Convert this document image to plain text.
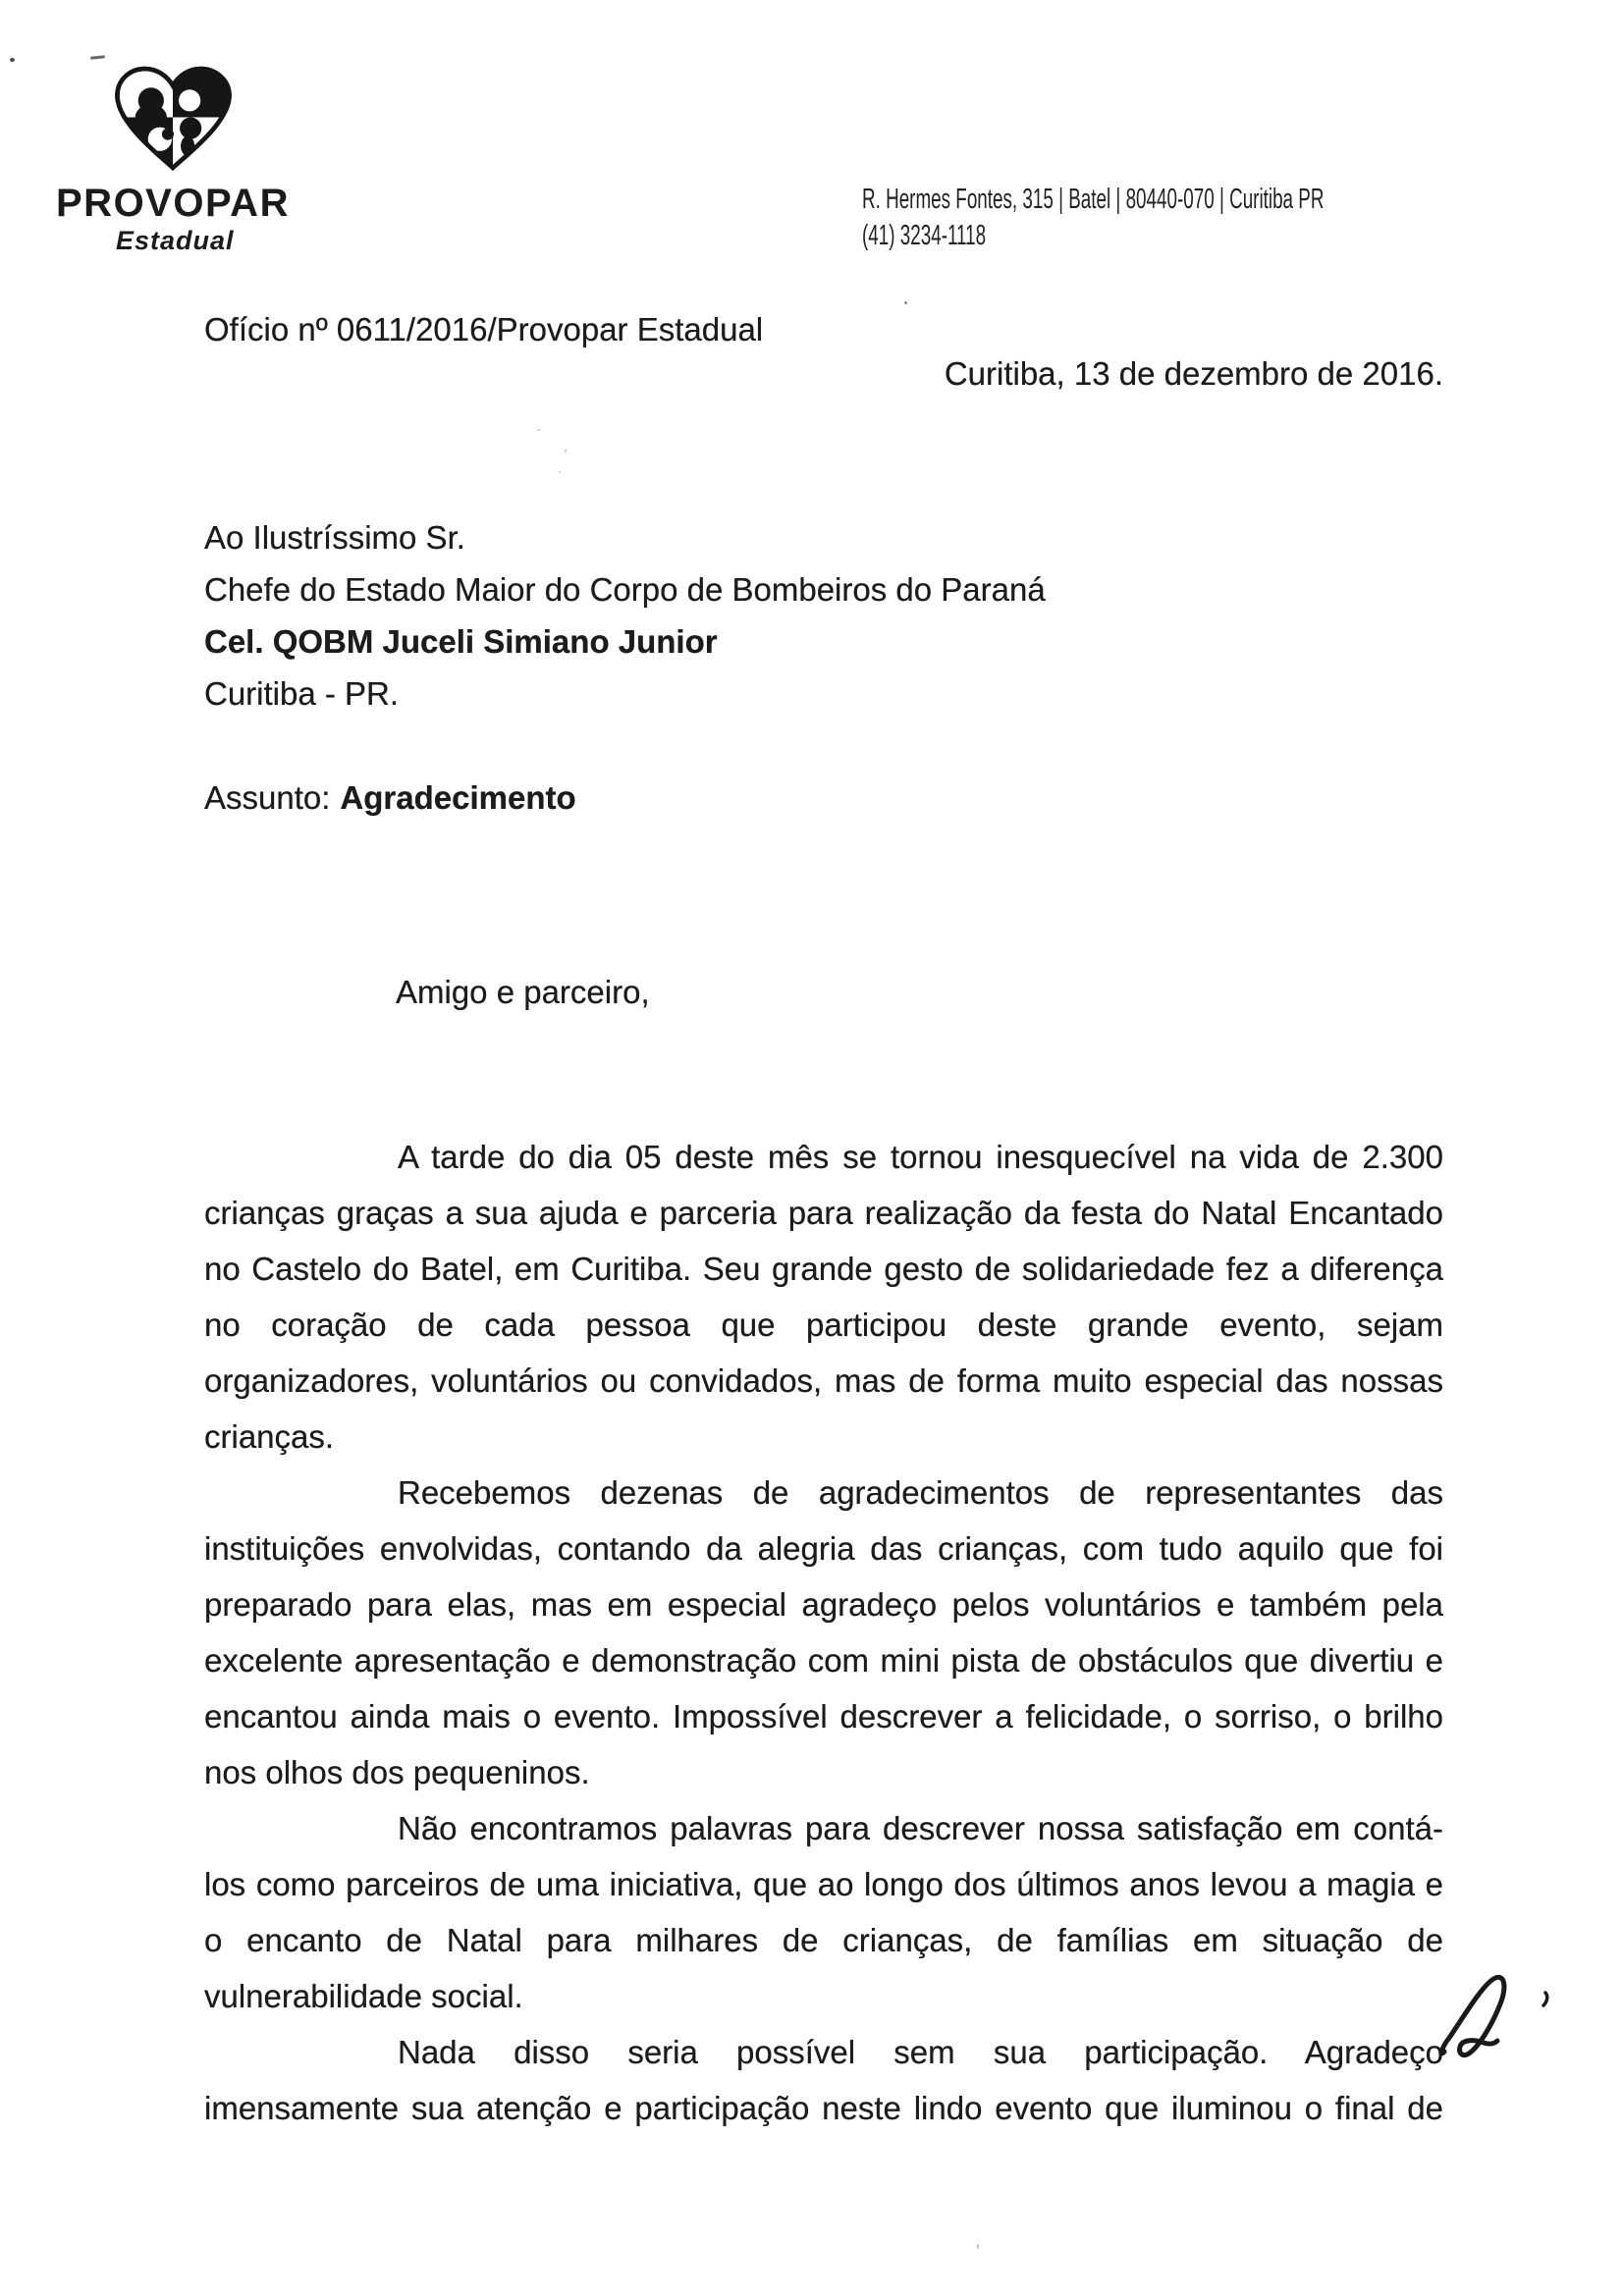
PROVOPAR
Estadual
R. Hermes Fontes, 315 | Batel | 80440-070 | Curitiba PR
(41) 3234-1118
Ofício nº 0611/2016/Provopar Estadual
Curitiba, 13 de dezembro de 2016.
Ao Ilustríssimo Sr.
Chefe do Estado Maior do Corpo de Bombeiros do Paraná
Cel. QOBM Juceli Simiano Junior
Curitiba - PR.
Assunto: Agradecimento
Amigo e parceiro,
A tarde do dia 05 deste mês se tornou inesquecível na vida de 2.300
crianças graças a sua ajuda e parceria para realização da festa do Natal Encantado
no Castelo do Batel, em Curitiba. Seu grande gesto de solidariedade fez a diferença
no coração de cada pessoa que participou deste grande evento, sejam
organizadores, voluntários ou convidados, mas de forma muito especial das nossas
crianças.
Recebemos dezenas de agradecimentos de representantes das
instituições envolvidas, contando da alegria das crianças, com tudo aquilo que foi
preparado para elas, mas em especial agradeço pelos voluntários e também pela
excelente apresentação e demonstração com mini pista de obstáculos que divertiu e
encantou ainda mais o evento. Impossível descrever a felicidade, o sorriso, o brilho
nos olhos dos pequeninos.
Não encontramos palavras para descrever nossa satisfação em contá-
los como parceiros de uma iniciativa, que ao longo dos últimos anos levou a magia e
o encanto de Natal para milhares de crianças, de famílias em situação de
vulnerabilidade social.
Nada disso seria possível sem sua participação. Agradeço
imensamente sua atenção e participação neste lindo evento que iluminou o final de
